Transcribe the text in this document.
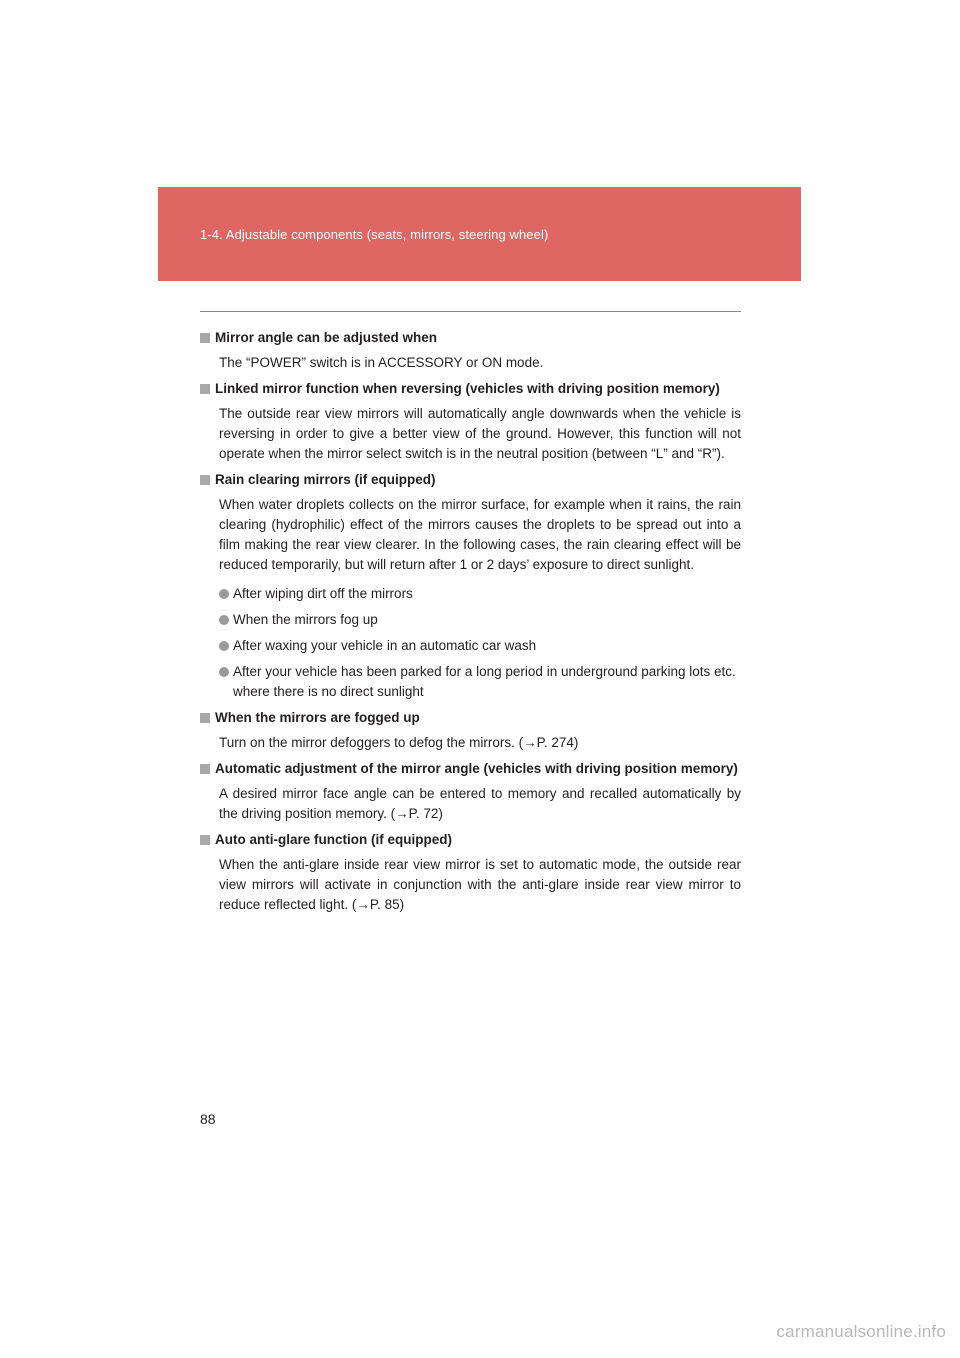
1-4. Adjustable components (seats, mirrors, steering wheel)
Mirror angle can be adjusted when
The “POWER” switch is in ACCESSORY or ON mode.
Linked mirror function when reversing (vehicles with driving position memory)
The outside rear view mirrors will automatically angle downwards when the vehicle is reversing in order to give a better view of the ground. However, this function will not operate when the mirror select switch is in the neutral position (between “L” and “R”).
Rain clearing mirrors (if equipped)
When water droplets collects on the mirror surface, for example when it rains, the rain clearing (hydrophilic) effect of the mirrors causes the droplets to be spread out into a film making the rear view clearer. In the following cases, the rain clearing effect will be reduced temporarily, but will return after 1 or 2 days’ exposure to direct sunlight.
After wiping dirt off the mirrors
When the mirrors fog up
After waxing your vehicle in an automatic car wash
After your vehicle has been parked for a long period in underground parking lots etc. where there is no direct sunlight
When the mirrors are fogged up
Turn on the mirror defoggers to defog the mirrors. (→P. 274)
Automatic adjustment of the mirror angle (vehicles with driving position memory)
A desired mirror face angle can be entered to memory and recalled automatically by the driving position memory. (→P. 72)
Auto anti-glare function (if equipped)
When the anti-glare inside rear view mirror is set to automatic mode, the outside rear view mirrors will activate in conjunction with the anti-glare inside rear view mirror to reduce reflected light. (→P. 85)
88
carmanualsonline.info
